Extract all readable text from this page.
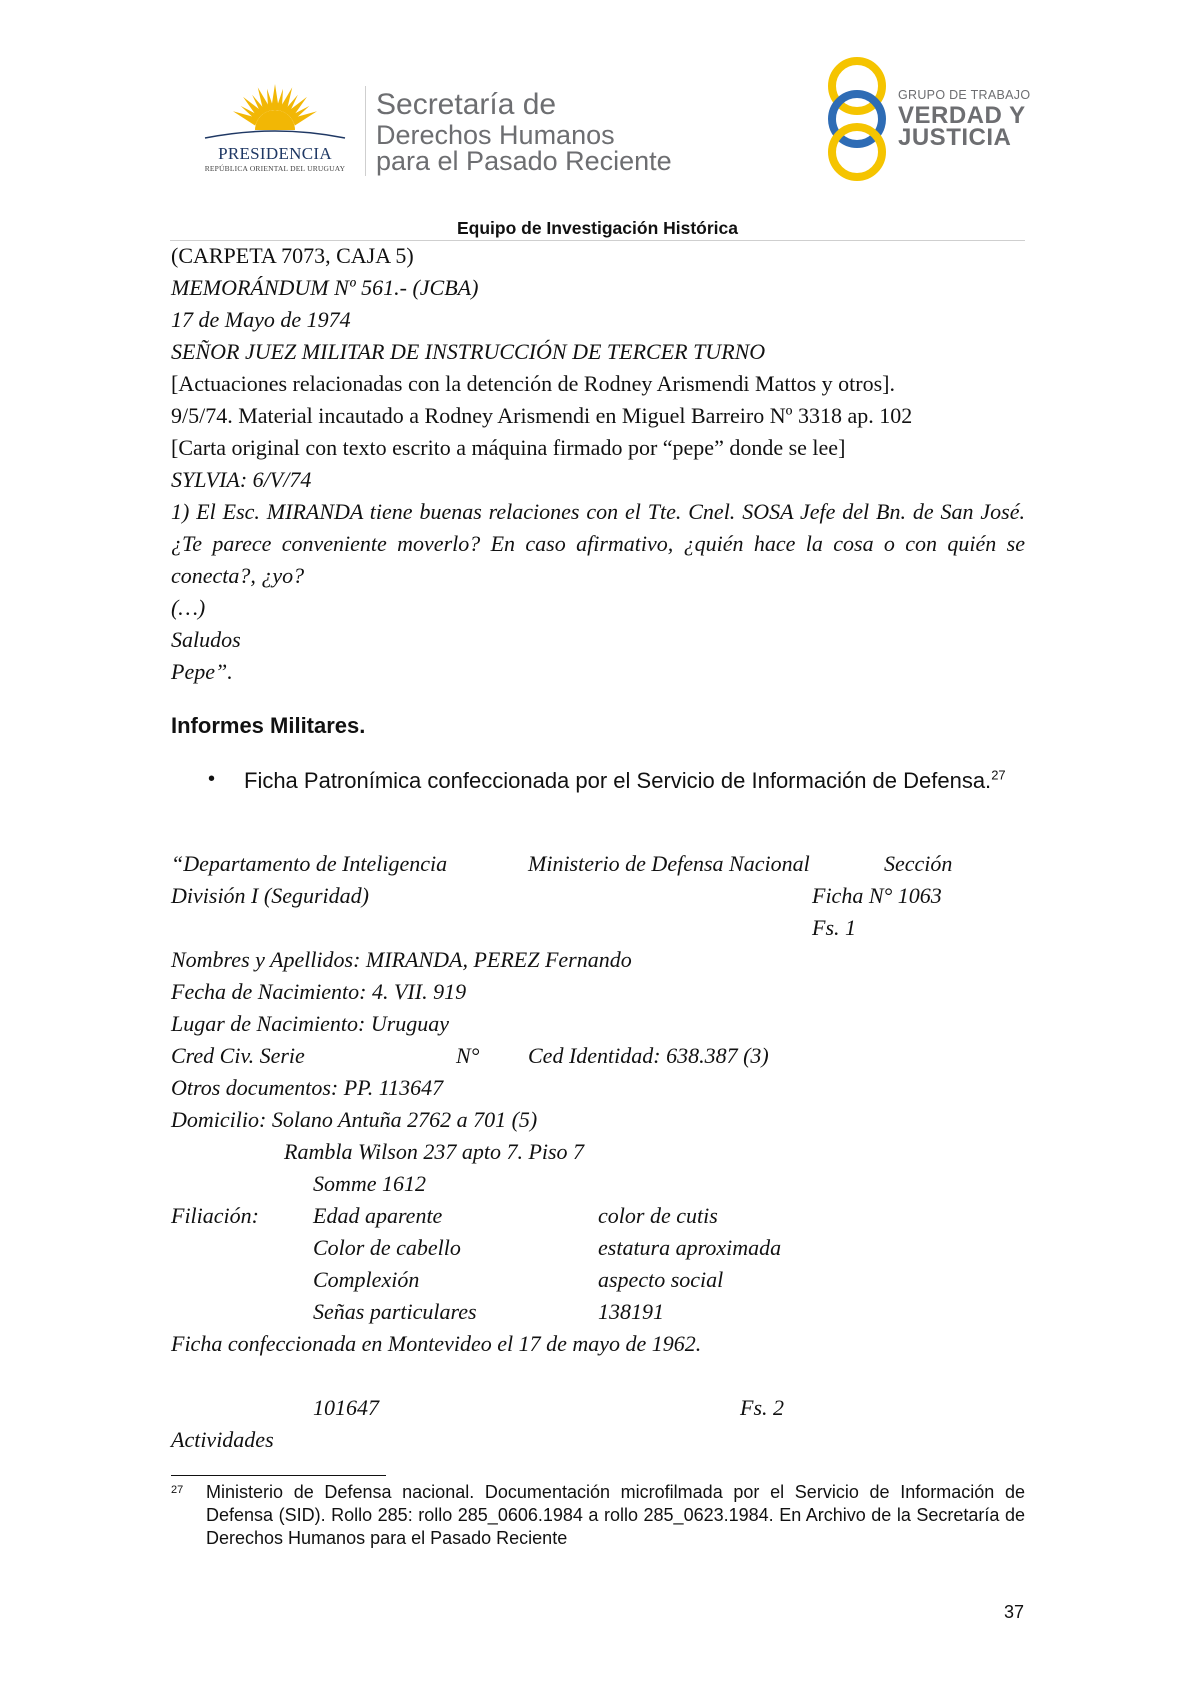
PRESIDENCIA
REPÚBLICA ORIENTAL DEL URUGUAY
Secretaría de
Derechos Humanos
para el Pasado Reciente
GRUPO DE TRABAJO
VERDAD Y
JUSTICIA
Equipo de Investigación Histórica
(CARPETA 7073, CAJA 5)
MEMORÁNDUM Nº 561.- (JCBA)
17 de Mayo de 1974
SEÑOR JUEZ MILITAR DE INSTRUCCIÓN DE TERCER TURNO
[Actuaciones relacionadas con la detención de Rodney Arismendi Mattos y otros].
9/5/74. Material incautado a Rodney Arismendi en Miguel Barreiro Nº 3318 ap. 102
[Carta original con texto escrito a máquina firmado por “pepe” donde se lee]
SYLVIA: 6/V/74
1) El Esc. MIRANDA tiene buenas relaciones con el Tte. Cnel. SOSA Jefe del Bn. de San José. ¿Te parece conveniente moverlo? En caso afirmativo, ¿quién hace la cosa o con quién se conecta?, ¿yo?
(…)
Saludos
Pepe”.
Informes Militares.
• Ficha Patronímica confeccionada por el Servicio de Información de Defensa.$^{27}$
“Departamento de Inteligencia	Ministerio de Defensa Nacional	Sección
División I (Seguridad)	Ficha N° 1063
Fs. 1
Nombres y Apellidos: MIRANDA, PEREZ Fernando
Fecha de Nacimiento: 4. VII. 919
Lugar de Nacimiento: Uruguay
Cred Civ. Serie	N° Ced Identidad: 638.387 (3)
Otros documentos: PP. 113647
Domicilio: Solano Antuña 2762 a 701 (5)
Rambla Wilson 237 apto 7. Piso 7
Somme 1612
Filiación: Edad aparente	color de cutis
Color de cabello	estatura aproximada
Complexión	aspecto social
Señas particulares	138191
Ficha confeccionada en Montevideo el 17 de mayo de 1962.
101647	Fs. 2
Actividades
27 Ministerio de Defensa nacional. Documentación microfilmada por el Servicio de Información de Defensa (SID). Rollo 285: rollo 285_0606.1984 a rollo 285_0623.1984. En Archivo de la Secretaría de Derechos Humanos para el Pasado Reciente
37
